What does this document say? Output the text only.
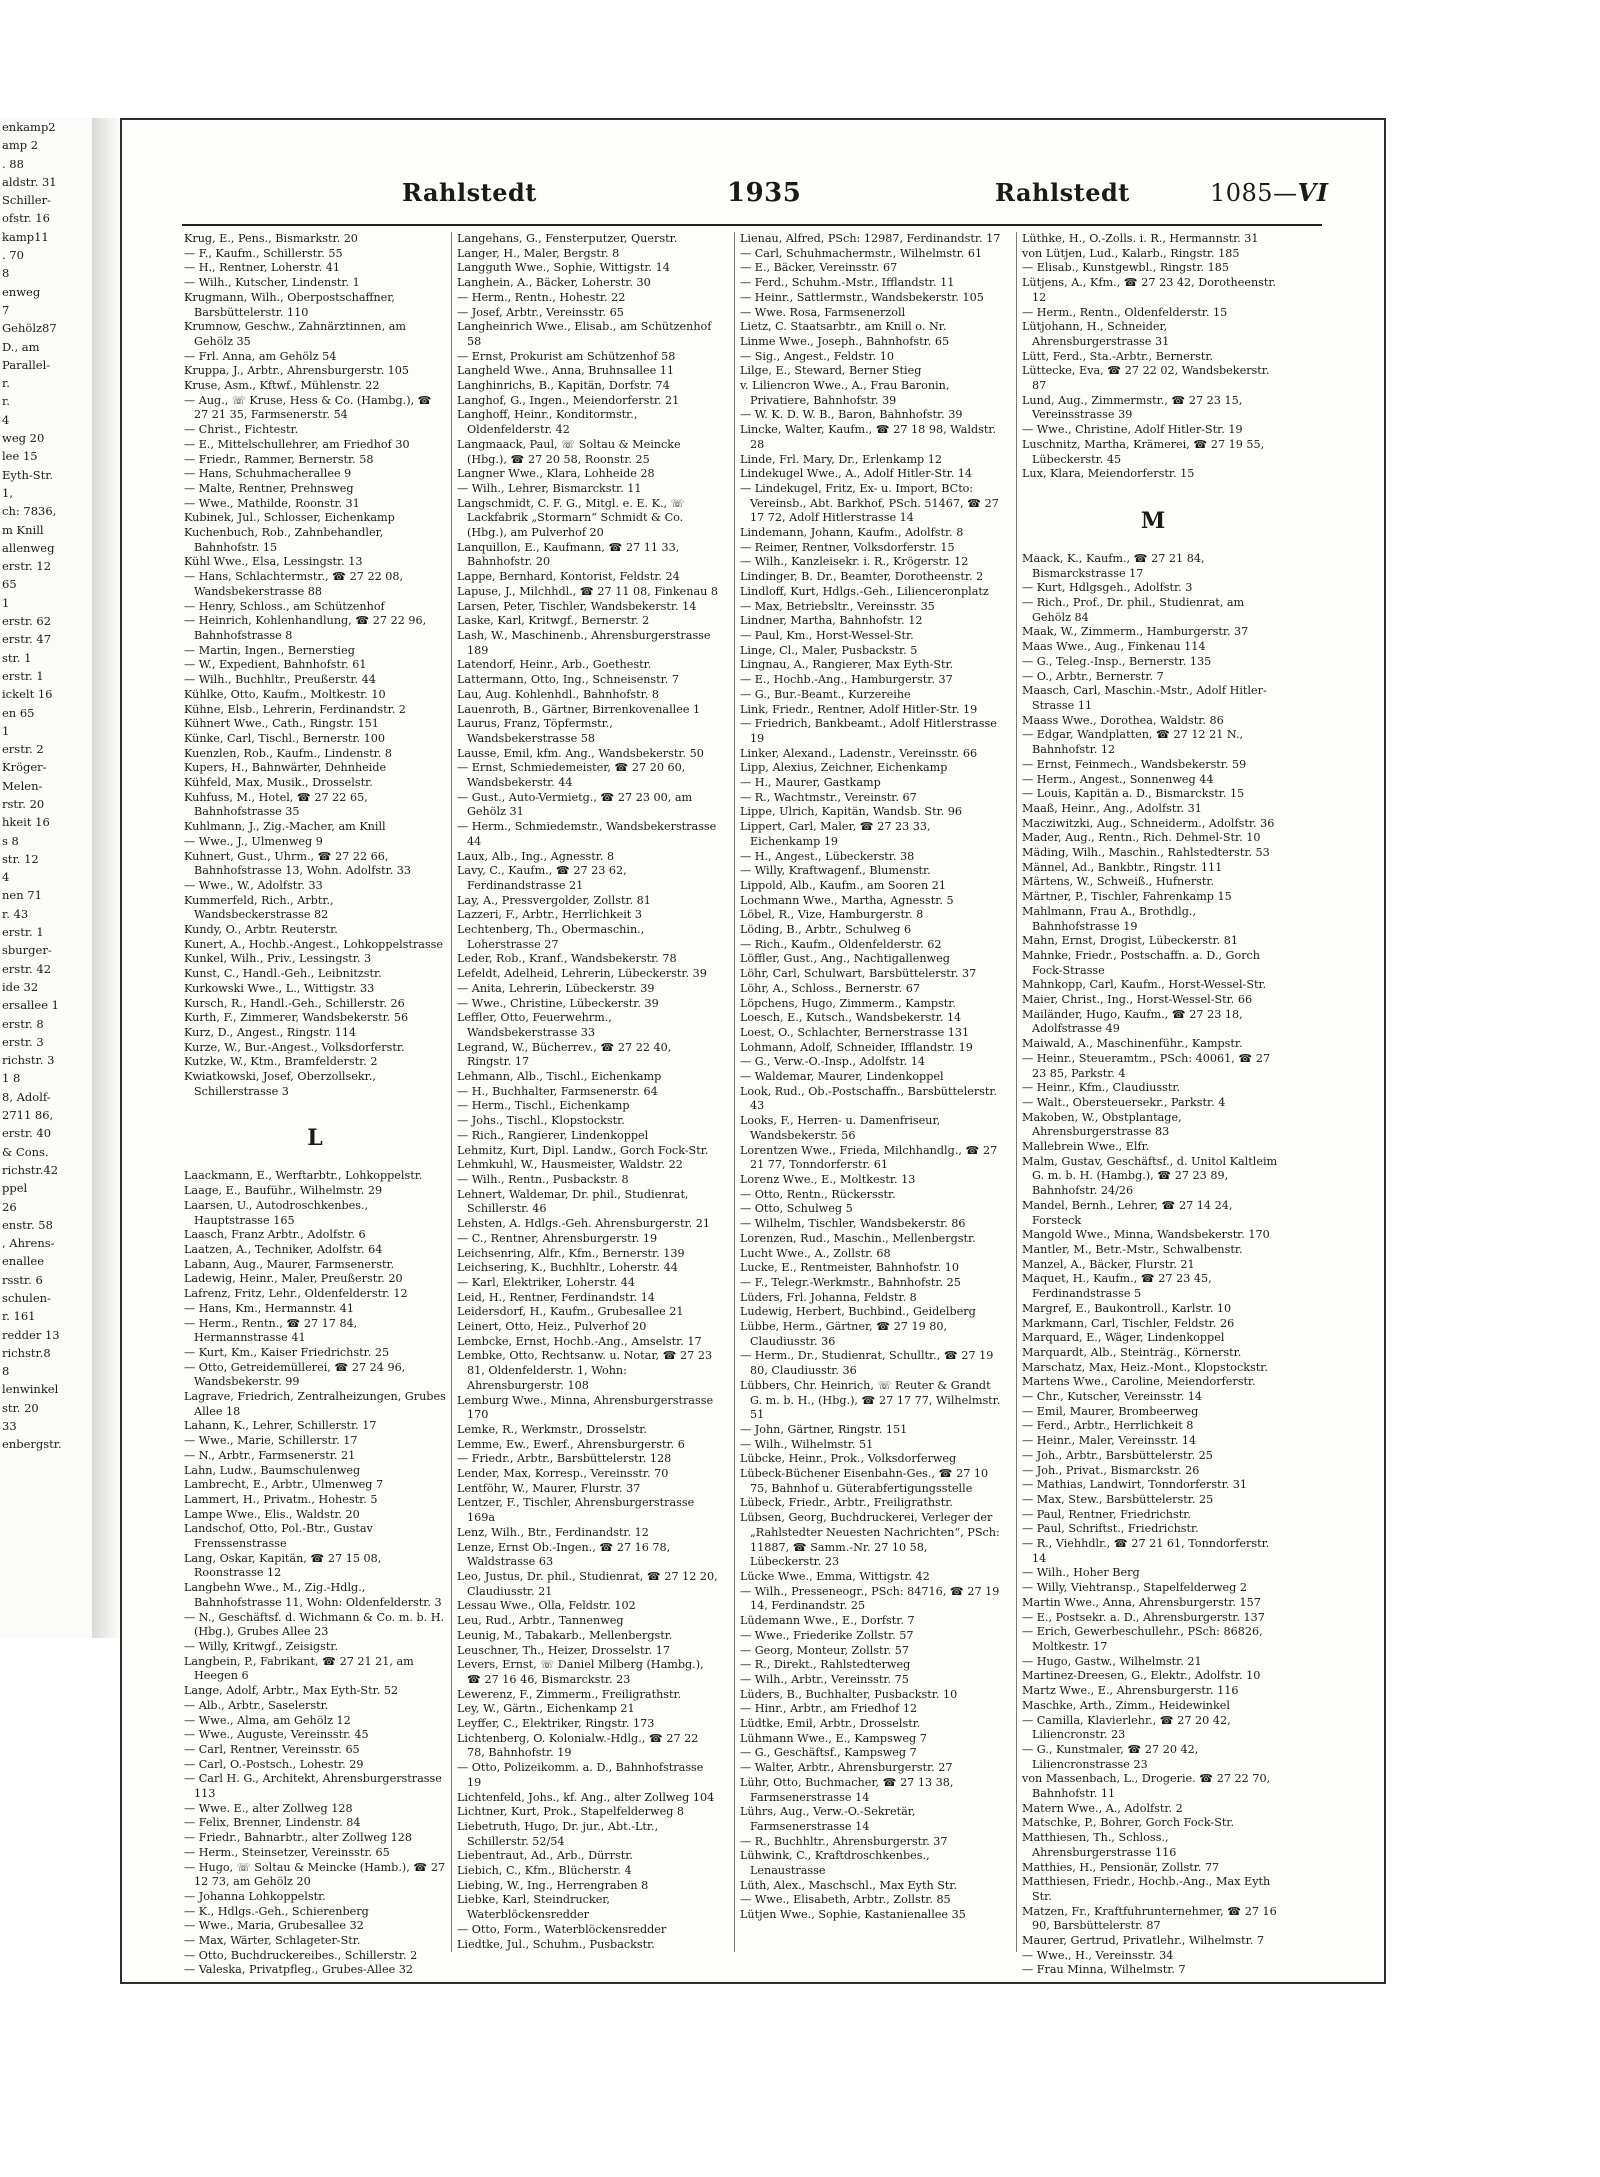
enkamp2
amp 2
. 88
aldstr. 31
Schiller-
ofstr. 16
kamp11
. 70
8
enweg
7
Gehölz87
D., am
Parallel-
r.
r.
4
weg 20
lee 15
Eyth-Str.
1,
ch: 7836,
m Knill
allenweg
erstr. 12
65
1
erstr. 62
erstr. 47
str. 1
erstr. 1
ickelt 16
en 65
1
erstr. 2
Kröger-
Melen-
rstr. 20
hkeit 16
s 8
str. 12
4
nen 71
r. 43
erstr. 1
sburger-
erstr. 42
ide 32
ersallee 1
erstr. 8
erstr. 3
richstr. 3
1 8
8, Adolf-
2711 86,
erstr. 40
& Cons.
richstr.42
ppel
26
enstr. 58
, Ahrens-
enallee
rsstr. 6
schulen-
r. 161
redder 13
richstr.8
8
lenwinkel
str. 20
33
enbergstr.
Rahlstedt	1935	Rahlstedt	1085—VI
Krug, E., Pens., Bismarkstr. 20
— F., Kaufm., Schillerstr. 55
— H., Rentner, Loherstr. 41
— Wilh., Kutscher, Lindenstr. 1
Krugmann, Wilh., Oberpostschaffner, Barsbüttelerstr. 110
Krumnow, Geschw., Zahnärztinnen, am Gehölz 35
— Frl. Anna, am Gehölz 54
Kruppa, J., Arbtr., Ahrensburgerstr. 105
Kruse, Asm., Kftwf., Mühlenstr. 22
— Aug., ☏ Kruse, Hess & Co. (Hambg.), ☎ 27 21 35, Farmsenerstr. 54
— Christ., Fichtestr.
— E., Mittelschullehrer, am Friedhof 30
— Friedr., Rammer, Bernerstr. 58
— Hans, Schuhmacherallee 9
— Malte, Rentner, Prehnsweg
— Wwe., Mathilde, Roonstr. 31
Kubinek, Jul., Schlosser, Eichenkamp
Kuchenbuch, Rob., Zahnbehandler, Bahnhofstr. 15
Kühl Wwe., Elsa, Lessingstr. 13
— Hans, Schlachtermstr., ☎ 27 22 08, Wandsbekerstrasse 88
— Henry, Schloss., am Schützenhof
— Heinrich, Kohlenhandlung, ☎ 27 22 96, Bahnhofstrasse 8
— Martin, Ingen., Bernerstieg
— W., Expedient, Bahnhofstr. 61
— Wilh., Buchhltr., Preußerstr. 44
Kühlke, Otto, Kaufm., Moltkestr. 10
Kühne, Elsb., Lehrerin, Ferdinandstr. 2
Kühnert Wwe., Cath., Ringstr. 151
Künke, Carl, Tischl., Bernerstr. 100
Kuenzlen, Rob., Kaufm., Lindenstr. 8
Kupers, H., Bahnwärter, Dehnheide
Kühfeld, Max, Musik., Drosselstr.
Kuhfuss, M., Hotel, ☎ 27 22 65, Bahnhofstrasse 35
Kuhlmann, J., Zig.-Macher, am Knill
— Wwe., J., Ulmenweg 9
Kuhnert, Gust., Uhrm., ☎ 27 22 66, Bahnhofstrasse 13, Wohn. Adolfstr. 33
— Wwe., W., Adolfstr. 33
Kummerfeld, Rich., Arbtr., Wandsbeckerstrasse 82
Kundy, O., Arbtr. Reuterstr.
Kunert, A., Hochb.-Angest., Lohkoppelstrasse
Kunkel, Wilh., Priv., Lessingstr. 3
Kunst, C., Handl.-Geh., Leibnitzstr.
Kurkowski Wwe., L., Wittigstr. 33
Kursch, R., Handl.-Geh., Schillerstr. 26
Kurth, F., Zimmerer, Wandsbekerstr. 56
Kurz, D., Angest., Ringstr. 114
Kurze, W., Bur.-Angest., Volksdorferstr.
Kutzke, W., Ktm., Bramfelderstr. 2
Kwiatkowski, Josef, Oberzollsekr., Schillerstrasse 3
L
Laackmann, E., Werftarbtr., Lohkoppelstr.
Laage, E., Bauführ., Wilhelmstr. 29
Laarsen, U., Autodroschkenbes., Hauptstrasse 165
Laasch, Franz Arbtr., Adolfstr. 6
Laatzen, A., Techniker, Adolfstr. 64
Labann, Aug., Maurer, Farmsenerstr.
Ladewig, Heinr., Maler, Preußerstr. 20
Lafrenz, Fritz, Lehr., Oldenfelderstr. 12
— Hans, Km., Hermannstr. 41
— Herm., Rentn., ☎ 27 17 84, Hermannstrasse 41
— Kurt, Km., Kaiser Friedrichstr. 25
— Otto, Getreidemüllerei, ☎ 27 24 96, Wandsbekerstr. 99
Lagrave, Friedrich, Zentralheizungen, Grubes Allee 18
Lahann, K., Lehrer, Schillerstr. 17
— Wwe., Marie, Schillerstr. 17
— N., Arbtr., Farmsenerstr. 21
Lahn, Ludw., Baumschulenweg
Lambrecht, E., Arbtr., Ulmenweg 7
Lammert, H., Privatm., Hohestr. 5
Lampe Wwe., Elis., Waldstr. 20
Landschof, Otto, Pol.-Btr., Gustav Frenssenstrasse
Lang, Oskar, Kapitän, ☎ 27 15 08, Roonstrasse 12
Langbehn Wwe., M., Zig.-Hdlg., Bahnhofstrasse 11, Wohn: Oldenfelderstr. 3
— N., Geschäftsf. d. Wichmann & Co. m. b. H. (Hbg.), Grubes Allee 23
— Willy, Kritwgf., Zeisigstr.
Langbein, P., Fabrikant, ☎ 27 21 21, am Heegen 6
Lange, Adolf, Arbtr., Max Eyth-Str. 52
— Alb., Arbtr., Saselerstr.
— Wwe., Alma, am Gehölz 12
— Wwe., Auguste, Vereinsstr. 45
— Carl, Rentner, Vereinsstr. 65
— Carl, O.-Postsch., Lohestr. 29
— Carl H. G., Architekt, Ahrensburgerstrasse 113
— Wwe. E., alter Zollweg 128
— Felix, Brenner, Lindenstr. 84
— Friedr., Bahnarbtr., alter Zollweg 128
— Herm., Steinsetzer, Vereinsstr. 65
— Hugo, ☏ Soltau & Meincke (Hamb.), ☎ 27 12 73, am Gehölz 20
— Johanna Lohkoppelstr.
— K., Hdlgs.-Geh., Schierenberg
— Wwe., Maria, Grubesallee 32
— Max, Wärter, Schlageter-Str.
— Otto, Buchdruckereibes., Schillerstr. 2
— Valeska, Privatpfleg., Grubes-Allee 32
Langehans, G., Fensterputzer, Querstr.
Langer, H., Maler, Bergstr. 8
Langguth Wwe., Sophie, Wittigstr. 14
Langhein, A., Bäcker, Loherstr. 30
— Herm., Rentn., Hohestr. 22
— Josef, Arbtr., Vereinsstr. 65
Langheinrich Wwe., Elisab., am Schützenhof 58
— Ernst, Prokurist am Schützenhof 58
Langheld Wwe., Anna, Bruhnsallee 11
Langhinrichs, B., Kapitän, Dorfstr. 74
Langhof, G., Ingen., Meiendorferstr. 21
Langhoff, Heinr., Konditormstr., Oldenfelderstr. 42
Langmaack, Paul, ☏ Soltau & Meincke (Hbg.), ☎ 27 20 58, Roonstr. 25
Langner Wwe., Klara, Lohheide 28
— Wilh., Lehrer, Bismarckstr. 11
Langschmidt, C. F. G., Mitgl. e. E. K., ☏ Lackfabrik „Stormarn“ Schmidt & Co. (Hbg.), am Pulverhof 20
Lanquillon, E., Kaufmann, ☎ 27 11 33, Bahnhofstr. 20
Lappe, Bernhard, Kontorist, Feldstr. 24
Lapuse, J., Milchhdl., ☎ 27 11 08, Finkenau 8
Larsen, Peter, Tischler, Wandsbekerstr. 14
Laske, Karl, Kritwgf., Bernerstr. 2
Lash, W., Maschinenb., Ahrensburgerstrasse 189
Latendorf, Heinr., Arb., Goethestr.
Lattermann, Otto, Ing., Schneisenstr. 7
Lau, Aug. Kohlenhdl., Bahnhofstr. 8
Lauenroth, B., Gärtner, Birrenkovenallee 1
Laurus, Franz, Töpfermstr., Wandsbekerstrasse 58
Lausse, Emil, kfm. Ang., Wandsbekerstr. 50
— Ernst, Schmiedemeister, ☎ 27 20 60, Wandsbekerstr. 44
— Gust., Auto-Vermietg., ☎ 27 23 00, am Gehölz 31
— Herm., Schmiedemstr., Wandsbekerstrasse 44
Laux, Alb., Ing., Agnesstr. 8
Lavy, C., Kaufm., ☎ 27 23 62, Ferdinandstrasse 21
Lay, A., Pressvergolder, Zollstr. 81
Lazzeri, F., Arbtr., Herrlichkeit 3
Lechtenberg, Th., Obermaschin., Loherstrasse 27
Leder, Rob., Kranf., Wandsbekerstr. 78
Lefeldt, Adelheid, Lehrerin, Lübeckerstr. 39
— Anita, Lehrerin, Lübeckerstr. 39
— Wwe., Christine, Lübeckerstr. 39
Leffler, Otto, Feuerwehrm., Wandsbekerstrasse 33
Legrand, W., Bücherrev., ☎ 27 22 40, Ringstr. 17
Lehmann, Alb., Tischl., Eichenkamp
— H., Buchhalter, Farmsenerstr. 64
— Herm., Tischl., Eichenkamp
— Johs., Tischl., Klopstockstr.
— Rich., Rangierer, Lindenkoppel
Lehmitz, Kurt, Dipl. Landw., Gorch Fock-Str.
Lehmkuhl, W., Hausmeister, Waldstr. 22
— Wilh., Rentn., Pusbackstr. 8
Lehnert, Waldemar, Dr. phil., Studienrat, Schillerstr. 46
Lehsten, A. Hdlgs.-Geh. Ahrensburgerstr. 21
— C., Rentner, Ahrensburgerstr. 19
Leichsenring, Alfr., Kfm., Bernerstr. 139
Leichsering, K., Buchhltr., Loherstr. 44
— Karl, Elektriker, Loherstr. 44
Leid, H., Rentner, Ferdinandstr. 14
Leidersdorf, H., Kaufm., Grubesallee 21
Leinert, Otto, Heiz., Pulverhof 20
Lembcke, Ernst, Hochb.-Ang., Amselstr. 17
Lembke, Otto, Rechtsanw. u. Notar, ☎ 27 23 81, Oldenfelderstr. 1, Wohn: Ahrensburgerstr. 108
Lemburg Wwe., Minna, Ahrensburgerstrasse 170
Lemke, R., Werkmstr., Drosselstr.
Lemme, Ew., Ewerf., Ahrensburgerstr. 6
— Friedr., Arbtr., Barsbüttelerstr. 128
Lender, Max, Korresp., Vereinsstr. 70
Lentföhr, W., Maurer, Flurstr. 37
Lentzer, F., Tischler, Ahrensburgerstrasse 169a
Lenz, Wilh., Btr., Ferdinandstr. 12
Lenze, Ernst Ob.-Ingen., ☎ 27 16 78, Waldstrasse 63
Leo, Justus, Dr. phil., Studienrat, ☎ 27 12 20, Claudiusstr. 21
Lessau Wwe., Olla, Feldstr. 102
Leu, Rud., Arbtr., Tannenweg
Leunig, M., Tabakarb., Mellenbergstr.
Leuschner, Th., Heizer, Drosselstr. 17
Levers, Ernst, ☏ Daniel Milberg (Hambg.), ☎ 27 16 46, Bismarckstr. 23
Lewerenz, F., Zimmerm., Freiligrathstr.
Ley, W., Gärtn., Eichenkamp 21
Leyffer, C., Elektriker, Ringstr. 173
Lichtenberg, O. Kolonialw.-Hdlg., ☎ 27 22 78, Bahnhofstr. 19
— Otto, Polizeikomm. a. D., Bahnhofstrasse 19
Lichtenfeld, Johs., kf. Ang., alter Zollweg 104
Lichtner, Kurt, Prok., Stapelfelderweg 8
Liebetruth, Hugo, Dr. jur., Abt.-Ltr., Schillerstr. 52/54
Liebentraut, Ad., Arb., Dürrstr.
Liebich, C., Kfm., Blücherstr. 4
Liebing, W., Ing., Herrengraben 8
Liebke, Karl, Steindrucker, Waterblöckensredder
— Otto, Form., Waterblöckensredder
Liedtke, Jul., Schuhm., Pusbackstr.
Lienau, Alfred, PSch: 12987, Ferdinandstr. 17
— Carl, Schuhmachermstr., Wilhelmstr. 61
— E., Bäcker, Vereinsstr. 67
— Ferd., Schuhm.-Mstr., Ifflandstr. 11
— Heinr., Sattlermstr., Wandsbekerstr. 105
— Wwe. Rosa, Farmsenerzoll
Lietz, C. Staatsarbtr., am Knill o. Nr.
Linme Wwe., Joseph., Bahnhofstr. 65
— Sig., Angest., Feldstr. 10
Lilge, E., Steward, Berner Stieg
v. Liliencron Wwe., A., Frau Baronin, Privatiere, Bahnhofstr. 39
— W. K. D. W. B., Baron, Bahnhofstr. 39
Lincke, Walter, Kaufm., ☎ 27 18 98, Waldstr. 28
Linde, Frl. Mary, Dr., Erlenkamp 12
Lindekugel Wwe., A., Adolf Hitler-Str. 14
— Lindekugel, Fritz, Ex- u. Import, BCto: Vereinsb., Abt. Barkhof, PSch. 51467, ☎ 27 17 72, Adolf Hitlerstrasse 14
Lindemann, Johann, Kaufm., Adolfstr. 8
— Reimer, Rentner, Volksdorferstr. 15
— Wilh., Kanzleisekr. i. R., Krögerstr. 12
Lindinger, B. Dr., Beamter, Dorotheenstr. 2
Lindloff, Kurt, Hdlgs.-Geh., Lilienceronplatz
— Max, Betriebsltr., Vereinsstr. 35
Lindner, Martha, Bahnhofstr. 12
— Paul, Km., Horst-Wessel-Str.
Linge, Cl., Maler, Pusbackstr. 5
Lingnau, A., Rangierer, Max Eyth-Str.
— E., Hochb.-Ang., Hamburgerstr. 37
— G., Bur.-Beamt., Kurzereihe
Link, Friedr., Rentner, Adolf Hitler-Str. 19
— Friedrich, Bankbeamt., Adolf Hitlerstrasse 19
Linker, Alexand., Ladenstr., Vereinsstr. 66
Lipp, Alexius, Zeichner, Eichenkamp
— H., Maurer, Gastkamp
— R., Wachtmstr., Vereinstr. 67
Lippe, Ulrich, Kapitän, Wandsb. Str. 96
Lippert, Carl, Maler, ☎ 27 23 33, Eichenkamp 19
— H., Angest., Lübeckerstr. 38
— Willy, Kraftwagenf., Blumenstr.
Lippold, Alb., Kaufm., am Sooren 21
Lochmann Wwe., Martha, Agnesstr. 5
Löbel, R., Vize, Hamburgerstr. 8
Löding, B., Arbtr., Schulweg 6
— Rich., Kaufm., Oldenfelderstr. 62
Löffler, Gust., Ang., Nachtigallenweg
Löhr, Carl, Schulwart, Barsbüttelerstr. 37
Löhr, A., Schloss., Bernerstr. 67
Löpchens, Hugo, Zimmerm., Kampstr.
Loesch, E., Kutsch., Wandsbekerstr. 14
Loest, O., Schlachter, Bernerstrasse 131
Lohmann, Adolf, Schneider, Ifflandstr. 19
— G., Verw.-O.-Insp., Adolfstr. 14
— Waldemar, Maurer, Lindenkoppel
Look, Rud., Ob.-Postschaffn., Barsbüttelerstr. 43
Looks, F., Herren- u. Damenfriseur, Wandsbekerstr. 56
Lorentzen Wwe., Frieda, Milchhandlg., ☎ 27 21 77, Tonndorferstr. 61
Lorenz Wwe., E., Moltkestr. 13
— Otto, Rentn., Rückersstr.
— Otto, Schulweg 5
— Wilhelm, Tischler, Wandsbekerstr. 86
Lorenzen, Rud., Maschin., Mellenbergstr.
Lucht Wwe., A., Zollstr. 68
Lucke, E., Rentmeister, Bahnhofstr. 10
— F., Telegr.-Werkmstr., Bahnhofstr. 25
Lüders, Frl. Johanna, Feldstr. 8
Ludewig, Herbert, Buchbind., Geidelberg
Lübbe, Herm., Gärtner, ☎ 27 19 80, Claudiusstr. 36
— Herm., Dr., Studienrat, Schulltr., ☎ 27 19 80, Claudiusstr. 36
Lübbers, Chr. Heinrich, ☏ Reuter & Grandt G. m. b. H., (Hbg.), ☎ 27 17 77, Wilhelmstr. 51
— John, Gärtner, Ringstr. 151
— Wilh., Wilhelmstr. 51
Lübcke, Heinr., Prok., Volksdorferweg
Lübeck-Büchener Eisenbahn-Ges., ☎ 27 10 75, Bahnhof u. Güterabfertigungsstelle
Lübeck, Friedr., Arbtr., Freiligrathstr.
Lübsen, Georg, Buchdruckerei, Verleger der „Rahlstedter Neuesten Nachrichten“, PSch: 11887, ☎ Samm.-Nr. 27 10 58, Lübeckerstr. 23
Lücke Wwe., Emma, Wittigstr. 42
— Wilh., Presseneogr., PSch: 84716, ☎ 27 19 14, Ferdinandstr. 25
Lüdemann Wwe., E., Dorfstr. 7
— Wwe., Friederike Zollstr. 57
— Georg, Monteur, Zollstr. 57
— R., Direkt., Rahlstedterweg
— Wilh., Arbtr., Vereinsstr. 75
Lüders, B., Buchhalter, Pusbackstr. 10
— Hinr., Arbtr., am Friedhof 12
Lüdtke, Emil, Arbtr., Drosselstr.
Lühmann Wwe., E., Kampsweg 7
— G., Geschäftsf., Kampsweg 7
— Walter, Arbtr., Ahrensburgerstr. 27
Lühr, Otto, Buchmacher, ☎ 27 13 38, Farmsenerstrasse 14
Lührs, Aug., Verw.-O.-Sekretär, Farmsenerstrasse 14
— R., Buchhltr., Ahrensburgerstr. 37
Lühwink, C., Kraftdroschkenbes., Lenaustrasse
Lüth, Alex., Maschschl., Max Eyth Str.
— Wwe., Elisabeth, Arbtr., Zollstr. 85
Lütjen Wwe., Sophie, Kastanienallee 35
Lüthke, H., O.-Zolls. i. R., Hermannstr. 31
von Lütjen, Lud., Kalarb., Ringstr. 185
— Elisab., Kunstgewbl., Ringstr. 185
Lütjens, A., Kfm., ☎ 27 23 42, Dorotheenstr. 12
— Herm., Rentn., Oldenfelderstr. 15
Lütjohann, H., Schneider, Ahrensburgerstrasse 31
Lütt, Ferd., Sta.-Arbtr., Bernerstr.
Lüttecke, Eva, ☎ 27 22 02, Wandsbekerstr. 87
Lund, Aug., Zimmermstr., ☎ 27 23 15, Vereinsstrasse 39
— Wwe., Christine, Adolf Hitler-Str. 19
Luschnitz, Martha, Krämerei, ☎ 27 19 55, Lübeckerstr. 45
Lux, Klara, Meiendorferstr. 15
M
Maack, K., Kaufm., ☎ 27 21 84, Bismarckstrasse 17
— Kurt, Hdlgsgeh., Adolfstr. 3
— Rich., Prof., Dr. phil., Studienrat, am Gehölz 84
Maak, W., Zimmerm., Hamburgerstr. 37
Maas Wwe., Aug., Finkenau 114
— G., Teleg.-Insp., Bernerstr. 135
— O., Arbtr., Bernerstr. 7
Maasch, Carl, Maschin.-Mstr., Adolf Hitler-Strasse 11
Maass Wwe., Dorothea, Waldstr. 86
— Edgar, Wandplatten, ☎ 27 12 21 N., Bahnhofstr. 12
— Ernst, Feinmech., Wandsbekerstr. 59
— Herm., Angest., Sonnenweg 44
— Louis, Kapitän a. D., Bismarckstr. 15
Maaß, Heinr., Ang., Adolfstr. 31
Macziwitzki, Aug., Schneiderm., Adolfstr. 36
Mader, Aug., Rentn., Rich. Dehmel-Str. 10
Mäding, Wilh., Maschin., Rahlstedterstr. 53
Männel, Ad., Bankbtr., Ringstr. 111
Märtens, W., Schweiß., Hufnerstr.
Märtner, P., Tischler, Fahrenkamp 15
Mahlmann, Frau A., Brothdlg., Bahnhofstrasse 19
Mahn, Ernst, Drogist, Lübeckerstr. 81
Mahnke, Friedr., Postschaffn. a. D., Gorch Fock-Strasse
Mahnkopp, Carl, Kaufm., Horst-Wessel-Str.
Maier, Christ., Ing., Horst-Wessel-Str. 66
Mailänder, Hugo, Kaufm., ☎ 27 23 18, Adolfstrasse 49
Maiwald, A., Maschinenführ., Kampstr.
— Heinr., Steueramtm., PSch: 40061, ☎ 27 23 85, Parkstr. 4
— Heinr., Kfm., Claudiusstr.
— Walt., Obersteuersekr., Parkstr. 4
Makoben, W., Obstplantage, Ahrensburgerstrasse 83
Mallebrein Wwe., Elfr.
Malm, Gustav, Geschäftsf., d. Unitol Kaltleim G. m. b. H. (Hambg.), ☎ 27 23 89, Bahnhofstr. 24/26
Mandel, Bernh., Lehrer, ☎ 27 14 24, Forsteck
Mangold Wwe., Minna, Wandsbekerstr. 170
Mantler, M., Betr.-Mstr., Schwalbenstr.
Manzel, A., Bäcker, Flurstr. 21
Maquet, H., Kaufm., ☎ 27 23 45, Ferdinandstrasse 5
Margref, E., Baukontroll., Karlstr. 10
Markmann, Carl, Tischler, Feldstr. 26
Marquard, E., Wäger, Lindenkoppel
Marquardt, Alb., Steinträg., Körnerstr.
Marschatz, Max, Heiz.-Mont., Klopstockstr.
Martens Wwe., Caroline, Meiendorferstr.
— Chr., Kutscher, Vereinsstr. 14
— Emil, Maurer, Brombeerweg
— Ferd., Arbtr., Herrlichkeit 8
— Heinr., Maler, Vereinsstr. 14
— Joh., Arbtr., Barsbüttelerstr. 25
— Joh., Privat., Bismarckstr. 26
— Mathias, Landwirt, Tonndorferstr. 31
— Max, Stew., Barsbüttelerstr. 25
— Paul, Rentner, Friedrichstr.
— Paul, Schriftst., Friedrichstr.
— R., Viehhdlr., ☎ 27 21 61, Tonndorferstr. 14
— Wilh., Hoher Berg
— Willy, Viehtransp., Stapelfelderweg 2
Martin Wwe., Anna, Ahrensburgerstr. 157
— E., Postsekr. a. D., Ahrensburgerstr. 137
— Erich, Gewerbeschullehr., PSch: 86826, Moltkestr. 17
— Hugo, Gastw., Wilhelmstr. 21
Martinez-Dreesen, G., Elektr., Adolfstr. 10
Martz Wwe., E., Ahrensburgerstr. 116
Maschke, Arth., Zimm., Heidewinkel
— Camilla, Klavierlehr., ☎ 27 20 42, Liliencronstr. 23
— G., Kunstmaler, ☎ 27 20 42, Liliencronstrasse 23
von Massenbach, L., Drogerie. ☎ 27 22 70, Bahnhofstr. 11
Matern Wwe., A., Adolfstr. 2
Matschke, P., Bohrer, Gorch Fock-Str.
Matthiesen, Th., Schloss., Ahrensburgerstrasse 116
Matthies, H., Pensionär, Zollstr. 77
Matthiesen, Friedr., Hochb.-Ang., Max Eyth Str.
Matzen, Fr., Kraftfuhrunternehmer, ☎ 27 16 90, Barsbüttelerstr. 87
Maurer, Gertrud, Privatlehr., Wilhelmstr. 7
— Wwe., H., Vereinsstr. 34
— Frau Minna, Wilhelmstr. 7
